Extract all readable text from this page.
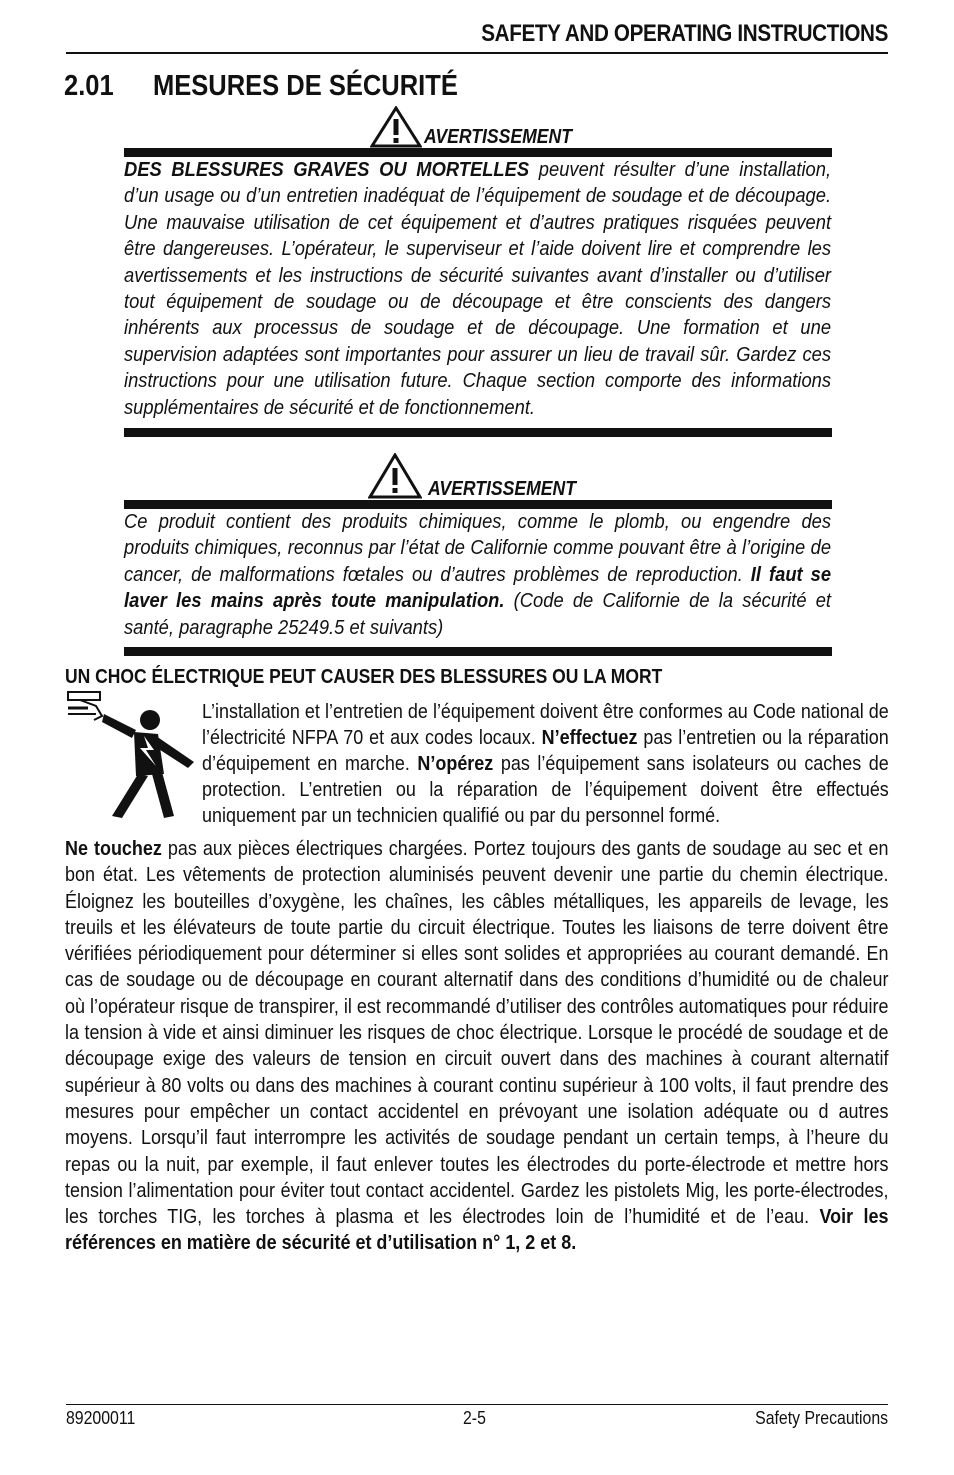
SAFETY AND OPERATING INSTRUCTIONS
2.01 MESURES DE SÉCURITÉ
AVERTISSEMENT
DES BLESSURES GRAVES OU MORTELLES peuvent résulter d’une installation, d’un usage ou d’un entretien inadéquat de l’équipement de soudage et de découpage. Une mauvaise utilisation de cet équipement et d’autres pratiques risquées peuvent être dangereuses. L’opérateur, le superviseur et l’aide doivent lire et comprendre les avertissements et les instructions de sécurité suivantes avant d’installer ou d’utiliser tout équipement de soudage ou de découpage et être conscients des dangers inhérents aux processus de soudage et de découpage. Une formation et une supervision adaptées sont importantes pour assurer un lieu de travail sûr. Gardez ces instructions pour une utilisation future. Chaque section comporte des informations supplémentaires de sécurité et de fonctionnement.
AVERTISSEMENT
Ce produit contient des produits chimiques, comme le plomb, ou engendre des produits chimiques, reconnus par l’état de Californie comme pouvant être à l’origine de cancer, de malformations fœtales ou d’autres problèmes de reproduction. Il faut se laver les mains après toute manipulation. (Code de Californie de la sécurité et santé, paragraphe 25249.5 et suivants)
UN CHOC ÉLECTRIQUE PEUT CAUSER DES BLESSURES OU LA MORT
L’installation et l’entretien de l’équipement doivent être conformes au Code national de l’électricité NFPA 70 et aux codes locaux. N’effectuez pas l’entretien ou la réparation d’équipement en marche. N’opérez pas l’équipement sans isolateurs ou caches de protection. L’entretien ou la réparation de l’équipement doivent être effectués uniquement par un technicien qualifié ou par du personnel formé.
Ne touchez pas aux pièces électriques chargées. Portez toujours des gants de soudage au sec et en bon état. Les vêtements de protection aluminisés peuvent devenir une partie du chemin électrique. Éloignez les bouteilles d’oxygène, les chaînes, les câbles métalliques, les appareils de levage, les treuils et les élévateurs de toute partie du circuit électrique. Toutes les liaisons de terre doivent être vérifiées périodiquement pour déterminer si elles sont solides et appropriées au courant demandé. En cas de soudage ou de découpage en courant alternatif dans des conditions d’humidité ou de chaleur où l’opérateur risque de transpirer, il est recommandé d’utiliser des contrôles automatiques pour réduire la tension à vide et ainsi diminuer les risques de choc électrique. Lorsque le procédé de soudage et de découpage exige des valeurs de tension en circuit ouvert dans des machines à courant alternatif supérieur à 80 volts ou dans des machines à courant continu supérieur à 100 volts, il faut prendre des mesures pour empêcher un contact accidentel en prévoyant une isolation adéquate ou d autres moyens. Lorsqu’il faut interrompre les activités de soudage pendant un certain temps, à l’heure du repas ou la nuit, par exemple, il faut enlever toutes les électrodes du porte-électrode et mettre hors tension l’alimentation pour éviter tout contact accidentel. Gardez les pistolets Mig, les porte-électrodes, les torches TIG, les torches à plasma et les électrodes loin de l’humidité et de l’eau. Voir les références en matière de sécurité et d’utilisation n° 1, 2 et 8.
89200011	2-5	Safety Precautions
